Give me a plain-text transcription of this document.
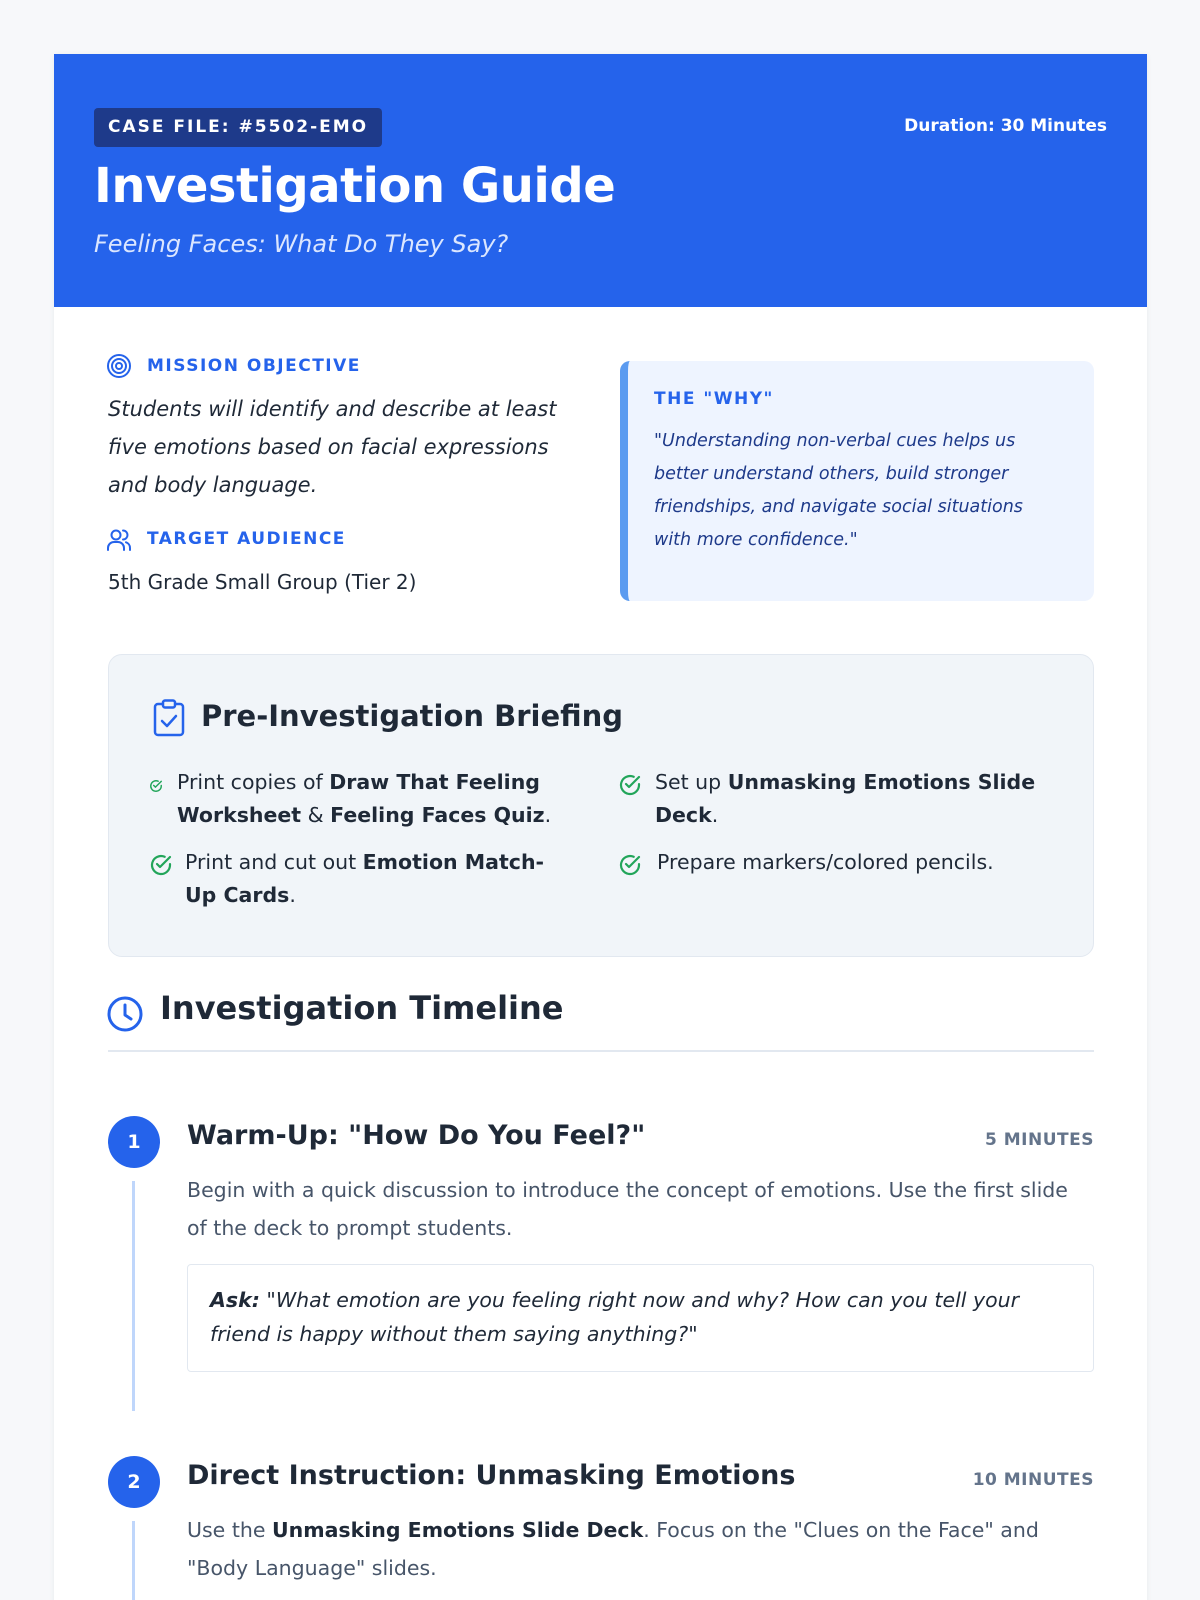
CASE FILE: #5502-EMO	Duration: 30 Minutes
Investigation Guide
Feeling Faces: What Do They Say?
MISSION OBJECTIVE
Students will identify and describe at least five emotions based on facial expressions and body language.
TARGET AUDIENCE
5th Grade Small Group (Tier 2)
THE "WHY"
"Understanding non-verbal cues helps us better understand others, build stronger friendships, and navigate social situations with more confidence."
Pre-Investigation Briefing
Print copies of Draw That Feeling Worksheet & Feeling Faces Quiz.
Set up Unmasking Emotions Slide Deck.
Print and cut out Emotion Match-Up Cards.
Prepare markers/colored pencils.
Investigation Timeline
1	Warm-Up: "How Do You Feel?"	5 MINUTES
Begin with a quick discussion to introduce the concept of emotions. Use the first slide of the deck to prompt students.
Ask: "What emotion are you feeling right now and why? How can you tell your friend is happy without them saying anything?"
2	Direct Instruction: Unmasking Emotions	10 MINUTES
Use the Unmasking Emotions Slide Deck. Focus on the "Clues on the Face" and "Body Language" slides.
